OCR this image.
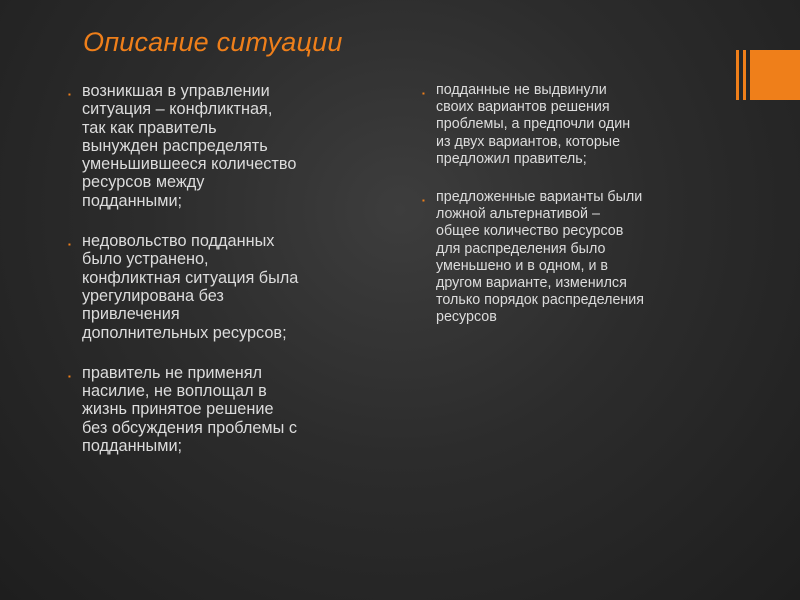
Описание ситуации
▪ возникшая в управлении
ситуация – конфликтная,
так как правитель
вынужден распределять
уменьшившееся количество
ресурсов между
подданными;
▪ недовольство подданных
было устранено,
конфликтная ситуация была
урегулирована без
привлечения
дополнительных ресурсов;
▪ правитель не применял
насилие, не воплощал в
жизнь принятое решение
без обсуждения проблемы с
подданными;
▪ подданные не выдвинули
своих вариантов решения
проблемы, а предпочли один
из двух вариантов, которые
предложил правитель;
▪ предложенные варианты были
ложной альтернативой –
общее количество ресурсов
для распределения было
уменьшено и в одном, и в
другом варианте, изменился
только порядок распределения
ресурсов
